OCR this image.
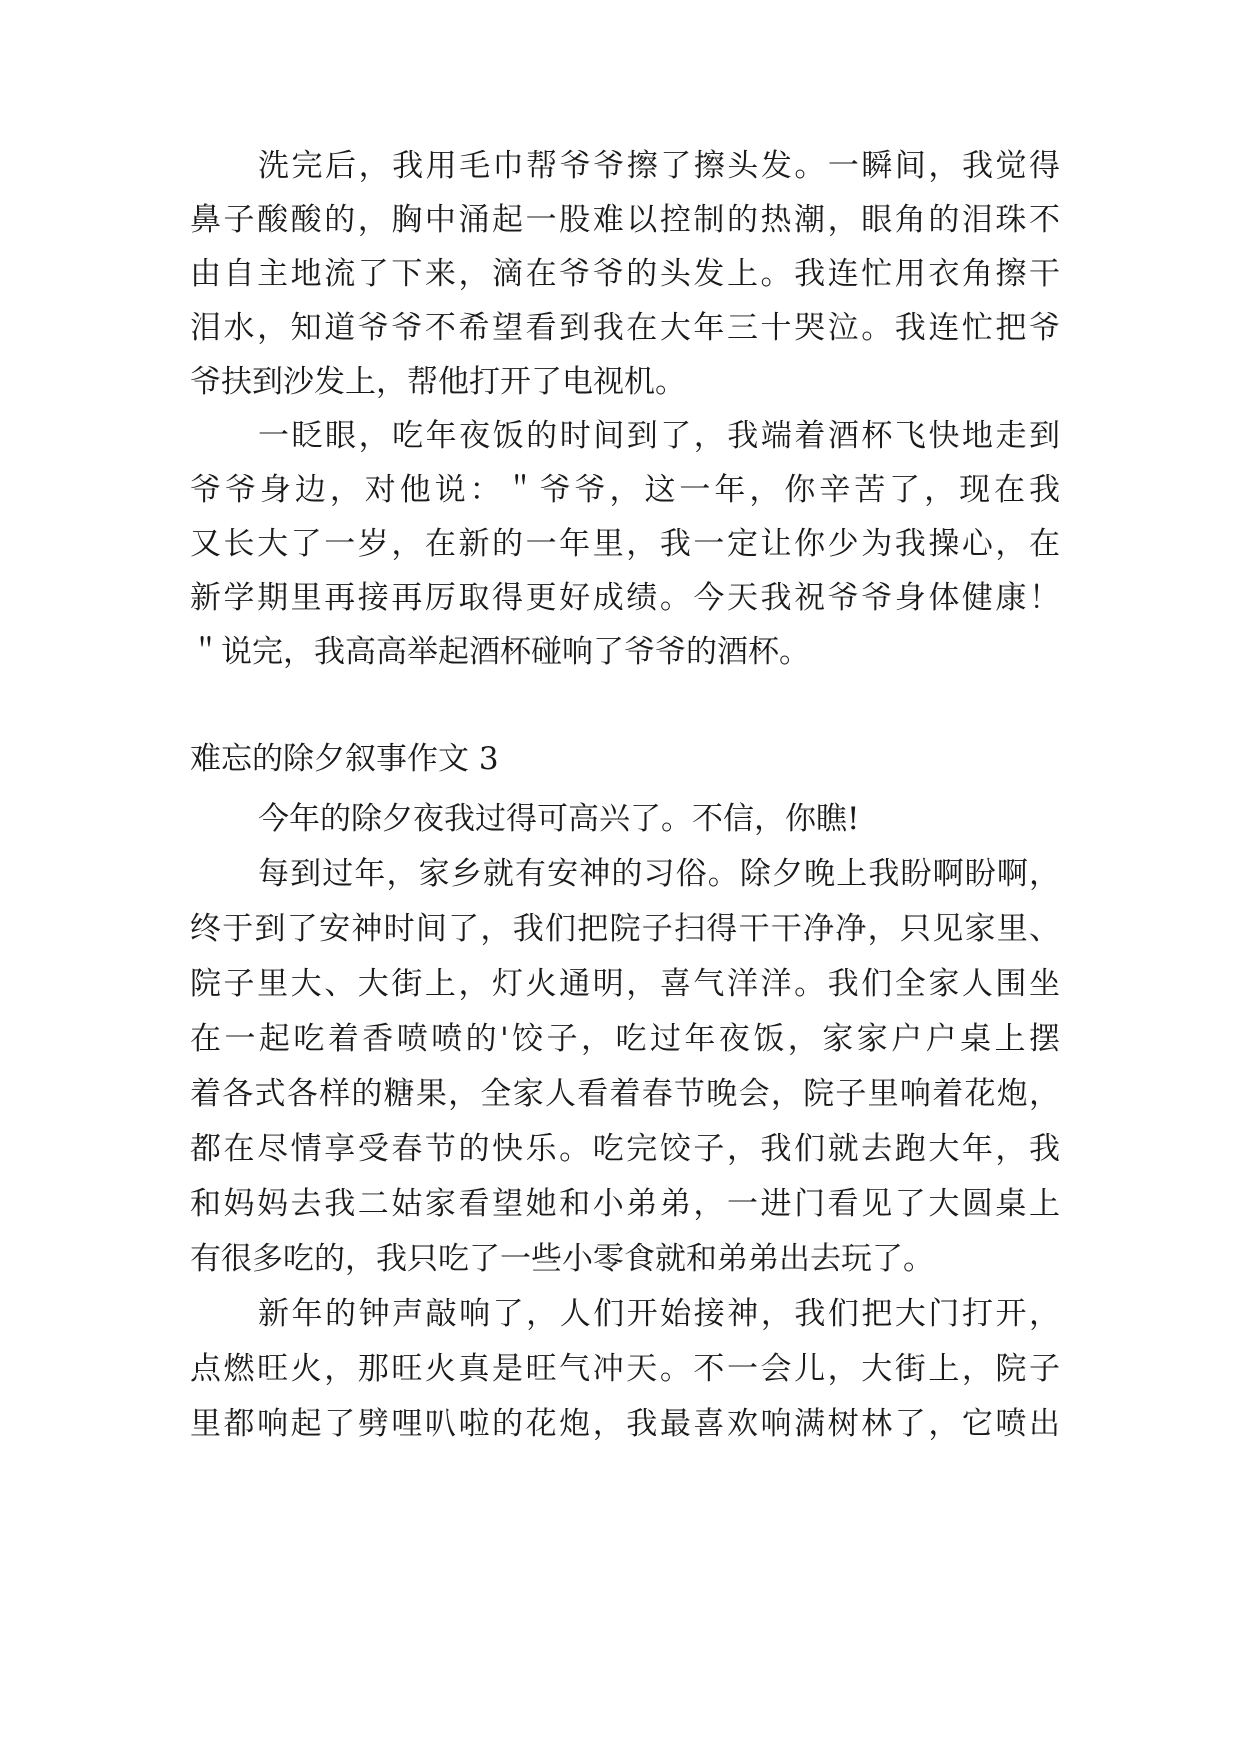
洗完后，我用毛巾帮爷爷擦了擦头发。一瞬间，我觉得

鼻子酸酸的，胸中涌起一股难以控制的热潮，眼角的泪珠不

由自主地流了下来，滴在爷爷的头发上。我连忙用衣角擦干

泪水，知道爷爷不希望看到我在大年三十哭泣。我连忙把爷

爷扶到沙发上，帮他打开了电视机。

一眨眼，吃年夜饭的时间到了，我端着酒杯飞快地走到

爷爷身边，对他说：＂爷爷，这一年，你辛苦了，现在我

又长大了一岁，在新的一年里，我一定让你少为我操心，在

新学期里再接再厉取得更好成绩。今天我祝爷爷身体健康！

＂说完，我高高举起酒杯碰响了爷爷的酒杯。

难忘的除夕叙事作文 3

今年的除夕夜我过得可高兴了。不信，你瞧!

每到过年，家乡就有安神的习俗。除夕晚上我盼啊盼啊，

终于到了安神时间了，我们把院子扫得干干净净，只见家里、

院子里大、大街上，灯火通明，喜气洋洋。我们全家人围坐

在一起吃着香喷喷的'饺子，吃过年夜饭，家家户户桌上摆

着各式各样的糖果，全家人看着春节晚会，院子里响着花炮，

都在尽情享受春节的快乐。吃完饺子，我们就去跑大年，我

和妈妈去我二姑家看望她和小弟弟，一进门看见了大圆桌上

有很多吃的，我只吃了一些小零食就和弟弟出去玩了。

新年的钟声敲响了，人们开始接神，我们把大门打开，

点燃旺火，那旺火真是旺气冲天。不一会儿，大街上，院子

里都响起了劈哩叭啦的花炮，我最喜欢响满树林了，它喷出
